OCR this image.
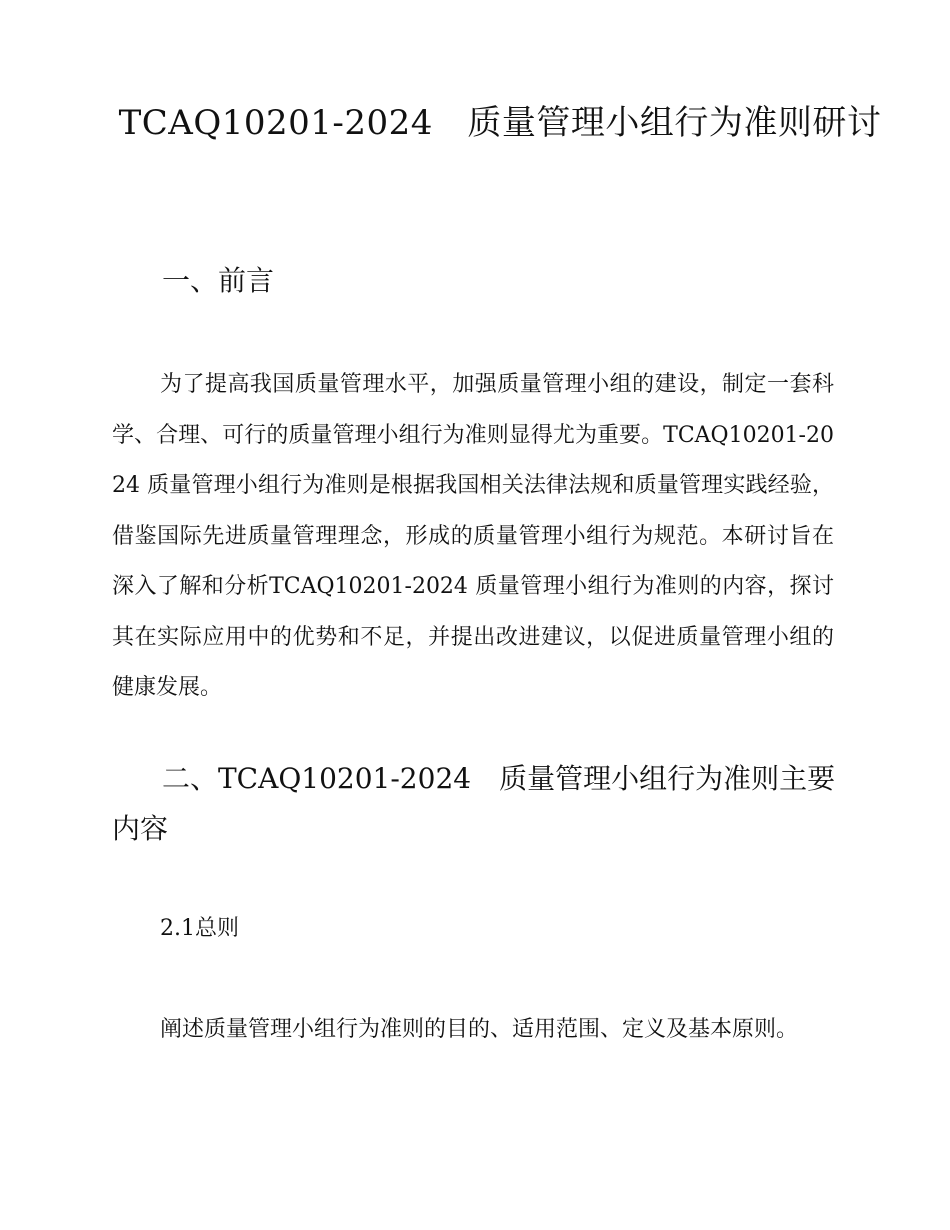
TCAQ10201-2024　质量管理小组行为准则研讨
一、前言

为了提高我国质量管理水平，加强质量管理小组的建设，制定一套科学、合理、可行的质量管理小组行为准则显得尤为重要。TCAQ10201-2024 质量管理小组行为准则是根据我国相关法律法规和质量管理实践经验，借鉴国际先进质量管理理念，形成的质量管理小组行为规范。本研讨旨在深入了解和分析TCAQ10201-2024 质量管理小组行为准则的内容，探讨其在实际应用中的优势和不足，并提出改进建议，以促进质量管理小组的健康发展。

二、TCAQ10201-2024　质量管理小组行为准则主要内容
2.1总则

阐述质量管理小组行为准则的目的、适用范围、定义及基本原则。
